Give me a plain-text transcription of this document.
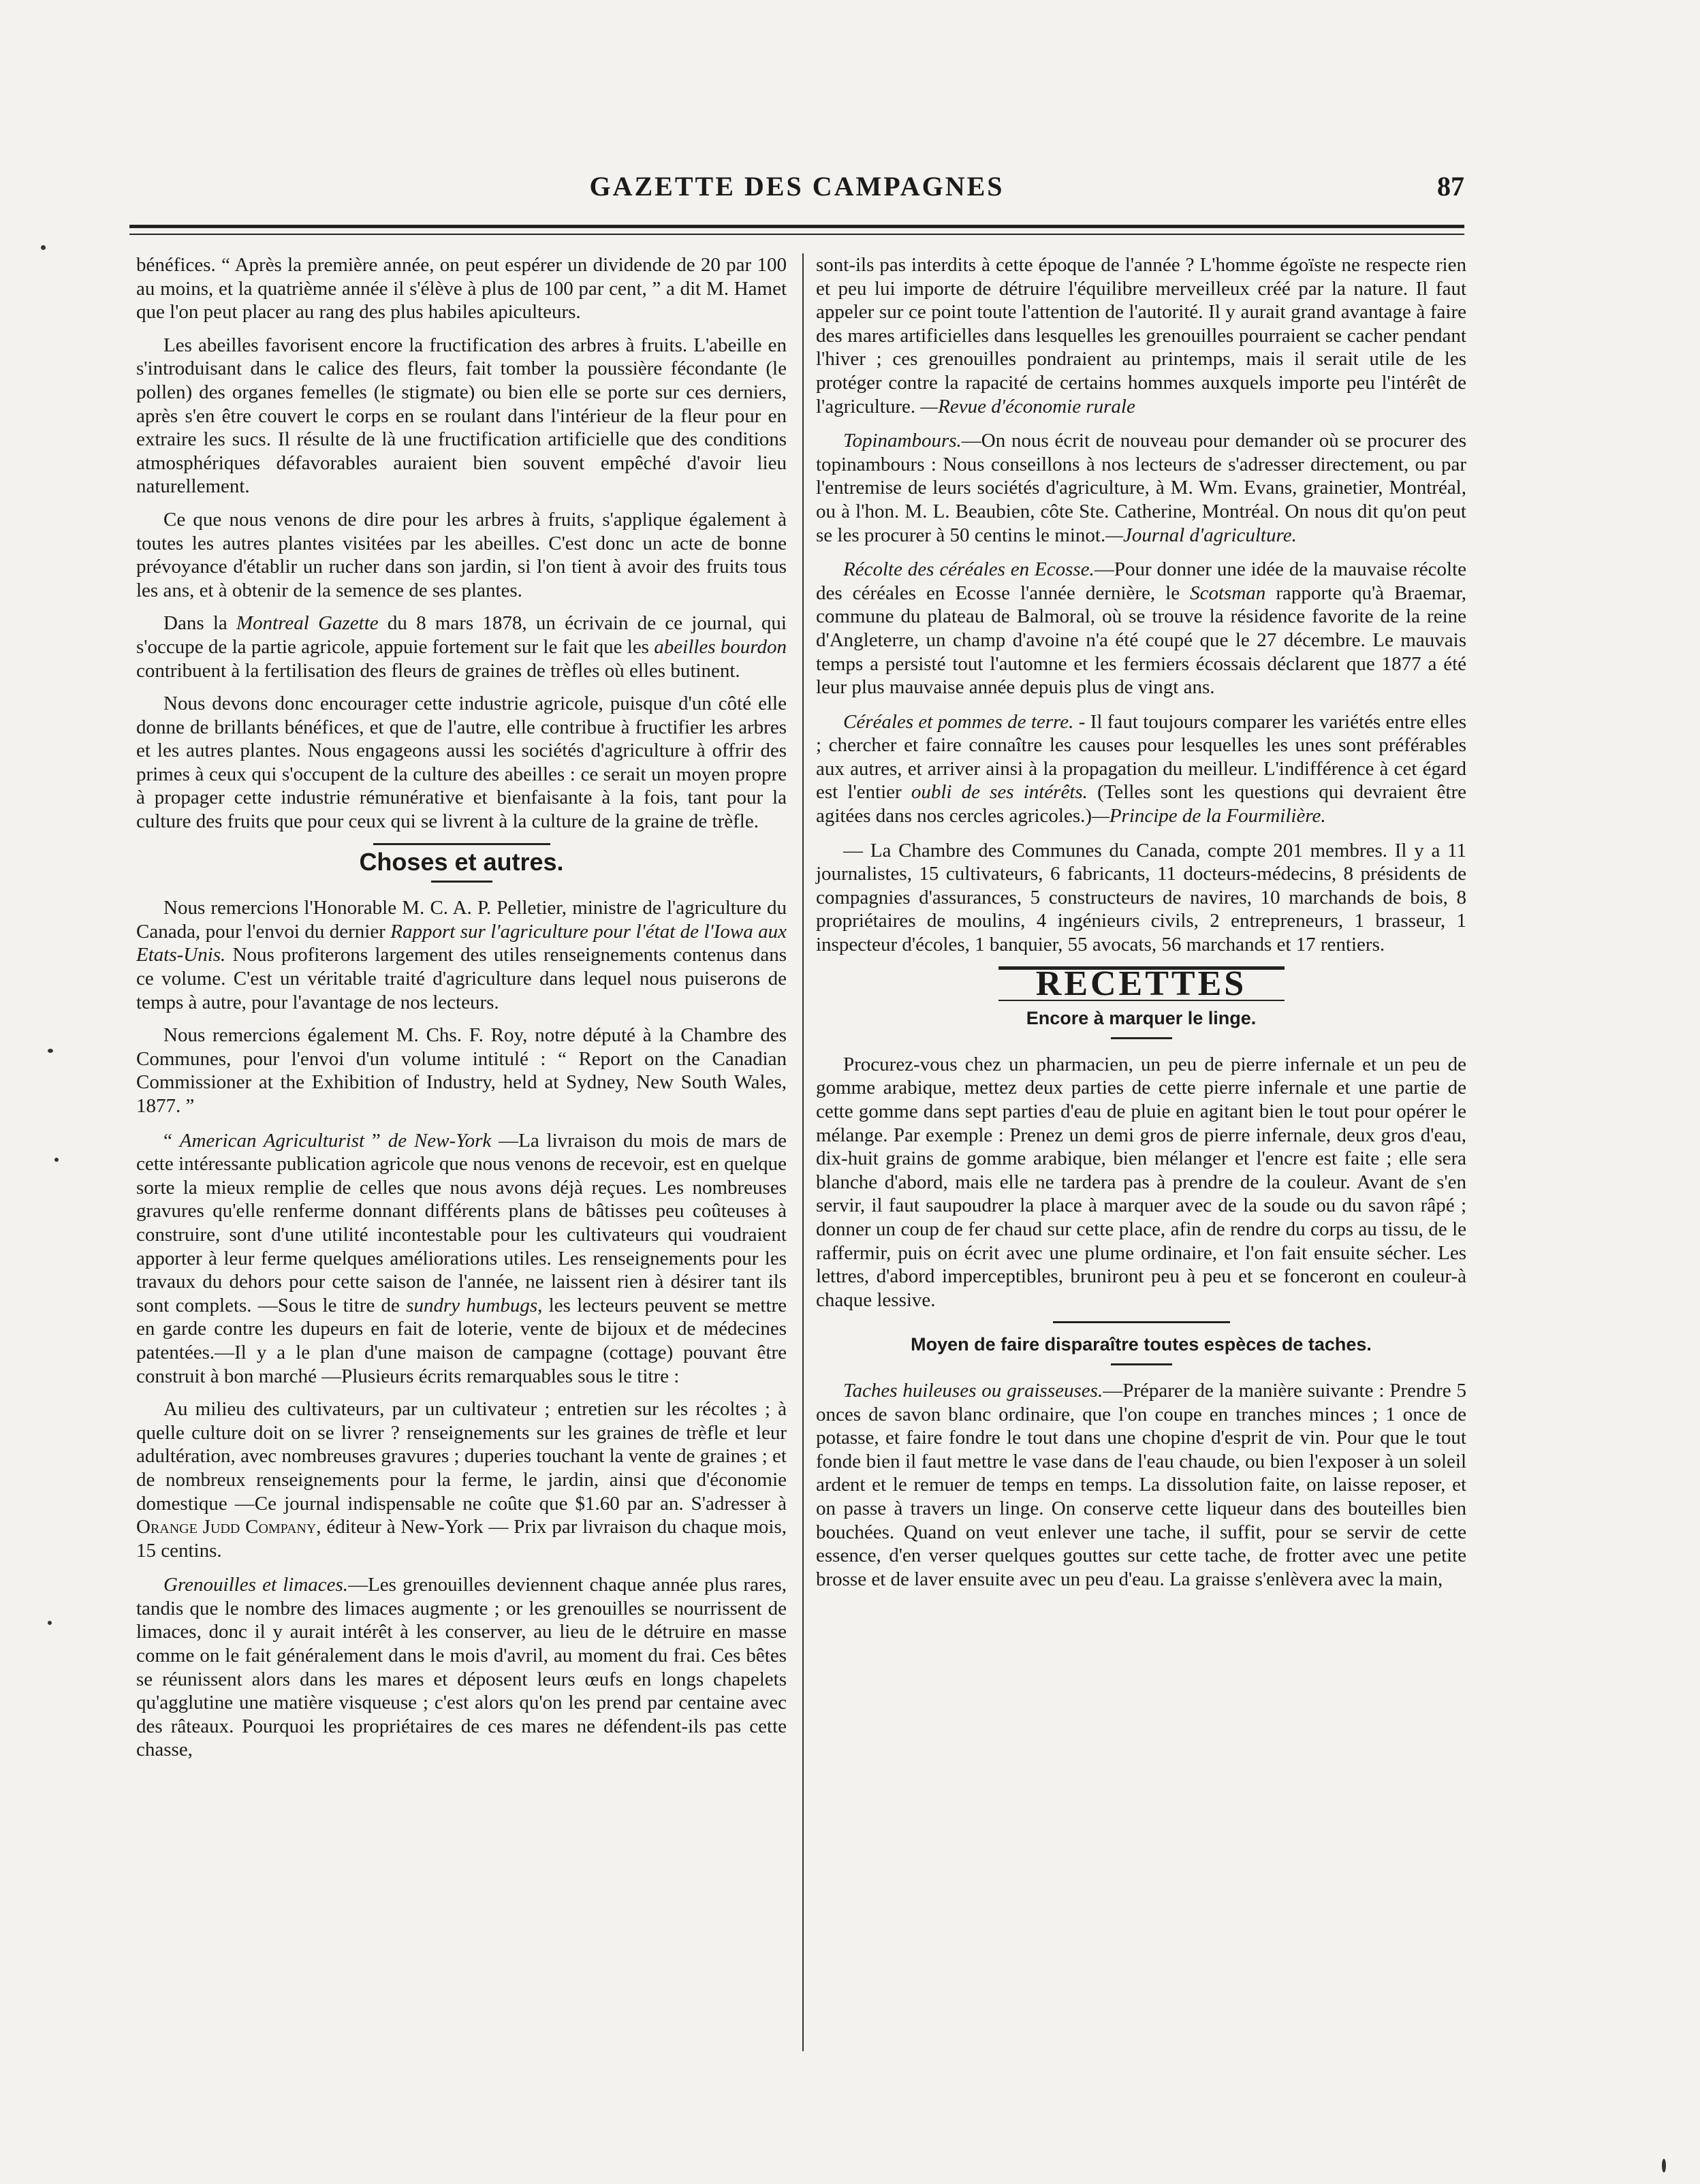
GAZETTE DES CAMPAGNES	87

bénéfices. “ Après la première année, on peut espérer un dividende de 20 par 100 au moins, et la quatrième année il s'élève à plus de 100 par cent, ” a dit M. Hamet que l'on peut placer au rang des plus habiles apiculteurs.

Les abeilles favorisent encore la fructification des arbres à fruits. L'abeille en s'introduisant dans le calice des fleurs, fait tomber la poussière fécondante (le pollen) des organes femelles (le stigmate) ou bien elle se porte sur ces derniers, après s'en être couvert le corps en se roulant dans l'intérieur de la fleur pour en extraire les sucs. Il résulte de là une fructification artificielle que des conditions atmosphériques défavorables auraient bien souvent empêché d'avoir lieu naturellement.

Ce que nous venons de dire pour les arbres à fruits, s'applique également à toutes les autres plantes visitées par les abeilles. C'est donc un acte de bonne prévoyance d'établir un rucher dans son jardin, si l'on tient à avoir des fruits tous les ans, et à obtenir de la semence de ses plantes.

Dans la Montreal Gazette du 8 mars 1878, un écrivain de ce journal, qui s'occupe de la partie agricole, appuie fortement sur le fait que les abeilles bourdon contribuent à la fertilisation des fleurs de graines de trèfles où elles butinent.

Nous devons donc encourager cette industrie agricole, puisque d'un côté elle donne de brillants bénéfices, et que de l'autre, elle contribue à fructifier les arbres et les autres plantes. Nous engageons aussi les sociétés d'agriculture à offrir des primes à ceux qui s'occupent de la culture des abeilles : ce serait un moyen propre à propager cette industrie rémunérative et bienfaisante à la fois, tant pour la culture des fruits que pour ceux qui se livrent à la culture de la graine de trèfle.

Choses et autres.

Nous remercions l'Honorable M. C. A. P. Pelletier, ministre de l'agriculture du Canada, pour l'envoi du dernier Rapport sur l'agriculture pour l'état de l'Iowa aux Etats-Unis. Nous profiterons largement des utiles renseignements contenus dans ce volume. C'est un véritable traité d'agriculture dans lequel nous puiserons de temps à autre, pour l'avantage de nos lecteurs.

Nous remercions également M. Chs. F. Roy, notre député à la Chambre des Communes, pour l'envoi d'un volume intitulé : “ Report on the Canadian Commissioner at the Exhibition of Industry, held at Sydney, New South Wales, 1877. ”

“ American Agriculturist ” de New-York —La livraison du mois de mars de cette intéressante publication agricole que nous venons de recevoir, est en quelque sorte la mieux remplie de celles que nous avons déjà reçues. Les nombreuses gravures qu'elle renferme donnant différents plans de bâtisses peu coûteuses à construire, sont d'une utilité incontestable pour les cultivateurs qui voudraient apporter à leur ferme quelques améliorations utiles. Les renseignements pour les travaux du dehors pour cette saison de l'année, ne laissent rien à désirer tant ils sont complets. —Sous le titre de sundry humbugs, les lecteurs peuvent se mettre en garde contre les dupeurs en fait de loterie, vente de bijoux et de médecines patentées.—Il y a le plan d'une maison de campagne (cottage) pouvant être construit à bon marché —Plusieurs écrits remarquables sous le titre :

Au milieu des cultivateurs, par un cultivateur ; entretien sur les récoltes ; à quelle culture doit on se livrer ? renseignements sur les graines de trèfle et leur adultération, avec nombreuses gravures ; duperies touchant la vente de graines ; et de nombreux renseignements pour la ferme, le jardin, ainsi que d'économie domestique —Ce journal indispensable ne coûte que $1.60 par an. S'adresser à Orange Judd Company, éditeur à New-York — Prix par livraison du chaque mois, 15 centins.

Grenouilles et limaces.—Les grenouilles deviennent chaque année plus rares, tandis que le nombre des limaces augmente ; or les grenouilles se nourrissent de limaces, donc il y aurait intérêt à les conserver, au lieu de le détruire en masse comme on le fait généralement dans le mois d'avril, au moment du frai. Ces bêtes se réunissent alors dans les mares et déposent leurs œufs en longs chapelets qu'agglutine une matière visqueuse ; c'est alors qu'on les prend par centaine avec des râteaux. Pourquoi les propriétaires de ces mares ne défendent-ils pas cette chasse,

sont-ils pas interdits à cette époque de l'année ? L'homme égoïste ne respecte rien et peu lui importe de détruire l'équilibre merveilleux créé par la nature. Il faut appeler sur ce point toute l'attention de l'autorité. Il y aurait grand avantage à faire des mares artificielles dans lesquelles les grenouilles pourraient se cacher pendant l'hiver ; ces grenouilles pondraient au printemps, mais il serait utile de les protéger contre la rapacité de certains hommes auxquels importe peu l'intérêt de l'agriculture. —Revue d'économie rurale

Topinambours.—On nous écrit de nouveau pour demander où se procurer des topinambours : Nous conseillons à nos lecteurs de s'adresser directement, ou par l'entremise de leurs sociétés d'agriculture, à M. Wm. Evans, grainetier, Montréal, ou à l'hon. M. L. Beaubien, côte Ste. Catherine, Montréal. On nous dit qu'on peut se les procurer à 50 centins le minot.—Journal d'agriculture.

Récolte des céréales en Ecosse.—Pour donner une idée de la mauvaise récolte des céréales en Ecosse l'année dernière, le Scotsman rapporte qu'à Braemar, commune du plateau de Balmoral, où se trouve la résidence favorite de la reine d'Angleterre, un champ d'avoine n'a été coupé que le 27 décembre. Le mauvais temps a persisté tout l'automne et les fermiers écossais déclarent que 1877 a été leur plus mauvaise année depuis plus de vingt ans.

Céréales et pommes de terre. - Il faut toujours comparer les variétés entre elles ; chercher et faire connaître les causes pour lesquelles les unes sont préférables aux autres, et arriver ainsi à la propagation du meilleur. L'indifférence à cet égard est l'entier oubli de ses intérêts. (Telles sont les questions qui devraient être agitées dans nos cercles agricoles.)—Principe de la Fourmilière.

— La Chambre des Communes du Canada, compte 201 membres. Il y a 11 journalistes, 15 cultivateurs, 6 fabricants, 11 docteurs-médecins, 8 présidents de compagnies d'assurances, 5 constructeurs de navires, 10 marchands de bois, 8 propriétaires de moulins, 4 ingénieurs civils, 2 entrepreneurs, 1 brasseur, 1 inspecteur d'écoles, 1 banquier, 55 avocats, 56 marchands et 17 rentiers.

RECETTES
Encore à marquer le linge.

Procurez-vous chez un pharmacien, un peu de pierre infernale et un peu de gomme arabique, mettez deux parties de cette pierre infernale et une partie de cette gomme dans sept parties d'eau de pluie en agitant bien le tout pour opérer le mélange. Par exemple : Prenez un demi gros de pierre infernale, deux gros d'eau, dix-huit grains de gomme arabique, bien mélanger et l'encre est faite ; elle sera blanche d'abord, mais elle ne tardera pas à prendre de la couleur. Avant de s'en servir, il faut saupoudrer la place à marquer avec de la soude ou du savon râpé ; donner un coup de fer chaud sur cette place, afin de rendre du corps au tissu, de le raffermir, puis on écrit avec une plume ordinaire, et l'on fait ensuite sécher. Les lettres, d'abord imperceptibles, bruniront peu à peu et se fonceront en couleur-à chaque lessive.

Moyen de faire disparaître toutes espèces de taches.

Taches huileuses ou graisseuses.—Préparer de la manière suivante : Prendre 5 onces de savon blanc ordinaire, que l'on coupe en tranches minces ; 1 once de potasse, et faire fondre le tout dans une chopine d'esprit de vin. Pour que le tout fonde bien il faut mettre le vase dans de l'eau chaude, ou bien l'exposer à un soleil ardent et le remuer de temps en temps. La dissolution faite, on laisse reposer, et on passe à travers un linge. On conserve cette liqueur dans des bouteilles bien bouchées. Quand on veut enlever une tache, il suffit, pour se servir de cette essence, d'en verser quelques gouttes sur cette tache, de frotter avec une petite brosse et de laver ensuite avec un peu d'eau. La graisse s'enlèvera avec la main,
